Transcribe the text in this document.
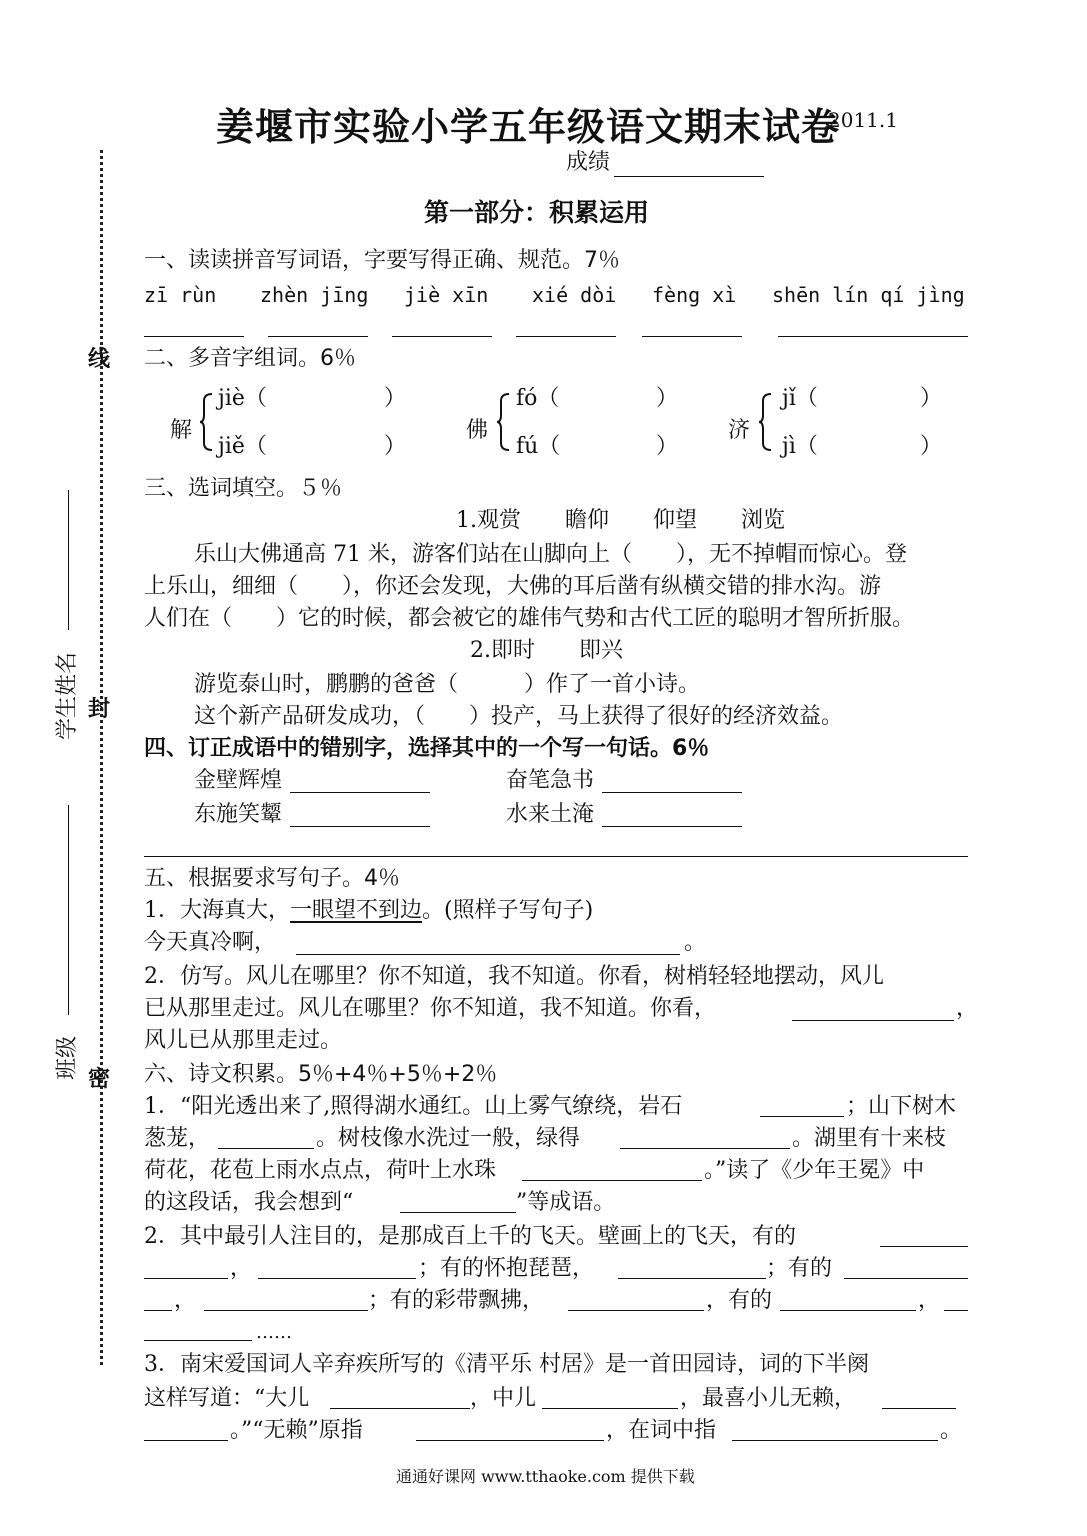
线
封
密
学生姓名
班级
姜堰市实验小学五年级语文期末试卷
2011.1
成绩
第一部分：积累运用
一、读读拼音写词语，字要写得正确、规范。7％
zī rùn zhèn jīng jiè xīn xié dòi fèng xì shēn lín qí jìng
二、多音字组词。6％
解
jiè（	）
jiě（	）
佛
fó（	）
fú（	）
济
jǐ（	）
jì（	）
三、选词填空。５％
1.观赏　　瞻仰　　仰望　　浏览
乐山大佛通高 71 米，游客们站在山脚向上（　　），无不掉帽而惊心。登
上乐山，细细（　　），你还会发现，大佛的耳后凿有纵横交错的排水沟。游
人们在（　　）它的时候，都会被它的雄伟气势和古代工匠的聪明才智所折服。
2.即时　　即兴
游览泰山时，鹏鹏的爸爸（　　　）作了一首小诗。
这个新产品研发成功，（　　）投产，马上获得了很好的经济效益。
四、订正成语中的错别字，选择其中的一个写一句话。6％
金壁辉煌	奋笔急书
东施笑颦	水来土淹
五、根据要求写句子。4％
1．大海真大，一眼望不到边。(照样子写句子)
今天真冷啊，	。
2．仿写。风儿在哪里？你不知道，我不知道。你看，树梢轻轻地摆动，风儿
已从那里走过。风儿在哪里？你不知道，我不知道。你看，	，
风儿已从那里走过。
六、诗文积累。5％+4％+5％+2％
1．“阳光透出来了,照得湖水通红。山上雾气缭绕，岩石	；山下树木
葱茏，	。树枝像水洗过一般，绿得	。湖里有十来枝
荷花，花苞上雨水点点，荷叶上水珠	。”读了《少年王冕》中
的这段话，我会想到“	”等成语。
2．其中最引人注目的，是那成百上千的飞天。壁画上的飞天，有的
，	；有的怀抱琵琶，	；有的
，	；有的彩带飘拂，	，有的	，
……
3．南宋爱国词人辛弃疾所写的《清平乐 村居》是一首田园诗，词的下半阕
这样写道：“大儿	，中儿	，最喜小儿无赖，
。”“无赖”原指	，在词中指	。
通通好课网 www.tthaoke.com 提供下载
